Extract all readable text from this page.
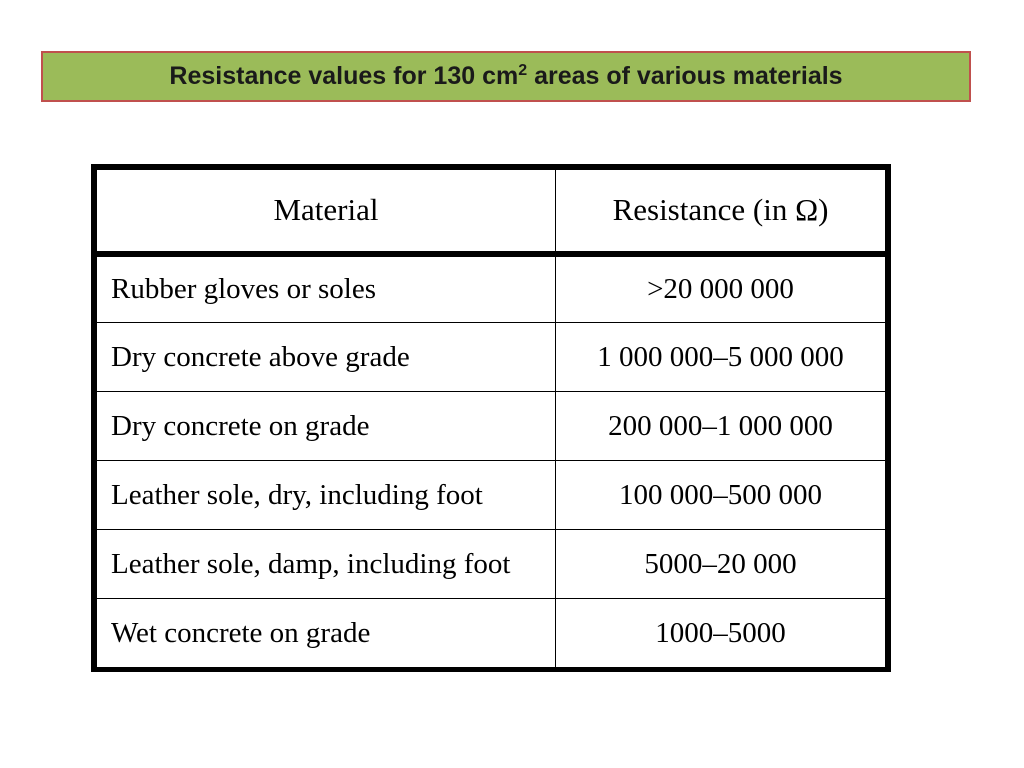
Resistance values for 130 $cm^2$ areas of various materials
Material	Resistance (in Ω)
Rubber gloves or soles	>20 000 000
Dry concrete above grade	1 000 000–5 000 000
Dry concrete on grade	200 000–1 000 000
Leather sole, dry, including foot	100 000–500 000
Leather sole, damp, including foot	5000–20 000
Wet concrete on grade	1000–5000
